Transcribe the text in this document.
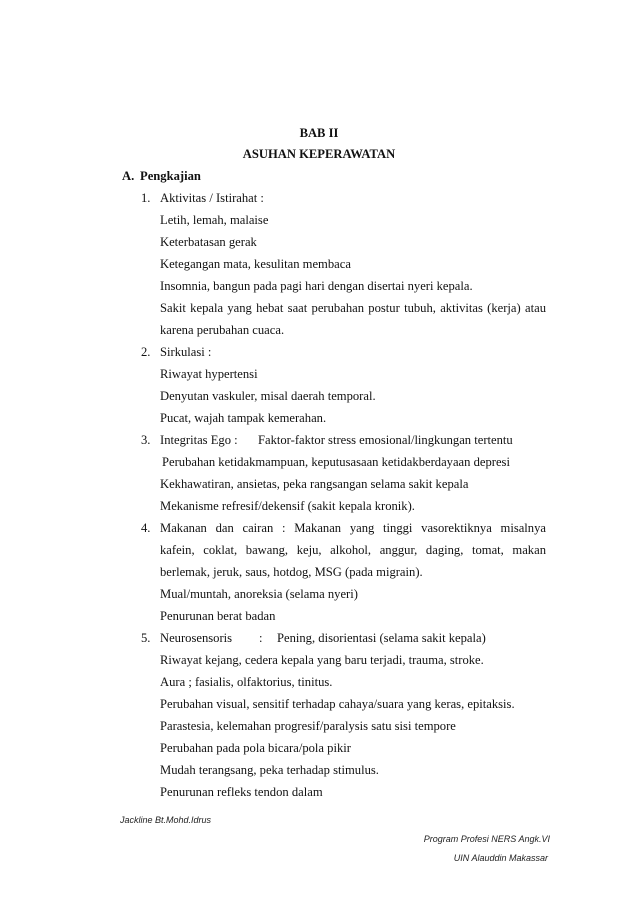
BAB II
ASUHAN KEPERAWATAN
A. Pengkajian
1. Aktivitas / Istirahat :
Letih, lemah, malaise
Keterbatasan gerak
Ketegangan mata, kesulitan membaca
Insomnia, bangun pada pagi hari dengan disertai nyeri kepala.
Sakit kepala yang hebat saat perubahan postur tubuh, aktivitas (kerja) atau
karena perubahan cuaca.
2. Sirkulasi :
Riwayat hypertensi
Denyutan vaskuler, misal daerah temporal.
Pucat, wajah tampak kemerahan.
3. Integritas Ego : Faktor-faktor stress emosional/lingkungan tertentu
Perubahan ketidakmampuan, keputusasaan ketidakberdayaan depresi
Kekhawatiran, ansietas, peka rangsangan selama sakit kepala
Mekanisme refresif/dekensif (sakit kepala kronik).
4. Makanan dan cairan : Makanan yang tinggi vasorektiknya misalnya
kafein, coklat, bawang, keju, alkohol, anggur, daging, tomat, makan
berlemak, jeruk, saus, hotdog, MSG (pada migrain).
Mual/muntah, anoreksia (selama nyeri)
Penurunan berat badan
5. Neurosensoris : Pening, disorientasi (selama sakit kepala)
Riwayat kejang, cedera kepala yang baru terjadi, trauma, stroke.
Aura ; fasialis, olfaktorius, tinitus.
Perubahan visual, sensitif terhadap cahaya/suara yang keras, epitaksis.
Parastesia, kelemahan progresif/paralysis satu sisi tempore
Perubahan pada pola bicara/pola pikir
Mudah terangsang, peka terhadap stimulus.
Penurunan refleks tendon dalam
Jackline Bt.Mohd.Idrus
Program Profesi NERS Angk.VI
UIN Alauddin Makassar
